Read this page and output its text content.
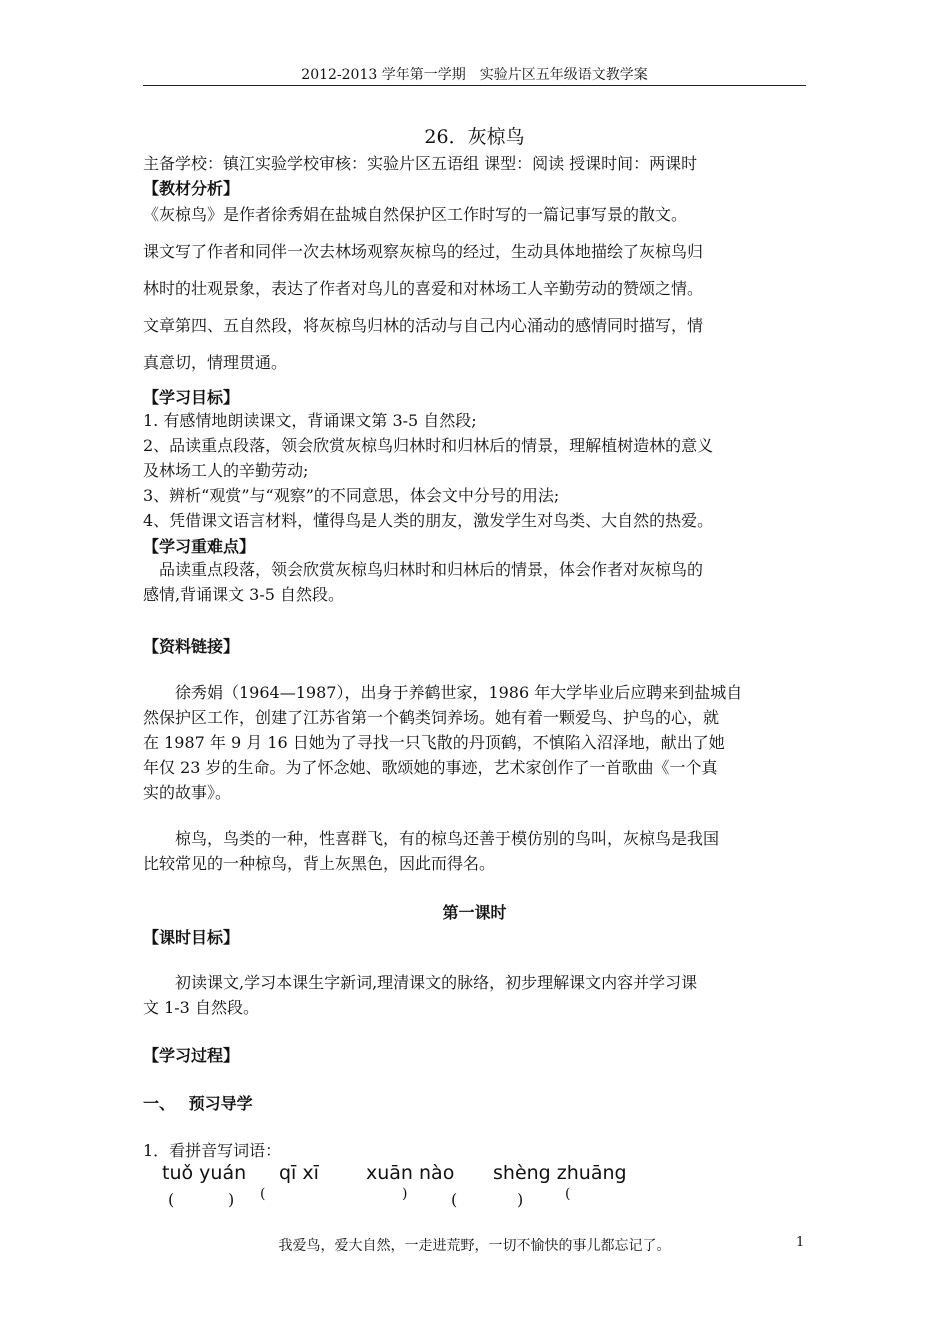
2012-2013 学年第一学期　实验片区五年级语文教学案
26．灰椋鸟
主备学校：镇江实验学校审核：实验片区五语组 课型：阅读 授课时间：两课时
【教材分析】
《灰椋鸟》是作者徐秀娟在盐城自然保护区工作时写的一篇记事写景的散文。
课文写了作者和同伴一次去林场观察灰椋鸟的经过，生动具体地描绘了灰椋鸟归
林时的壮观景象，表达了作者对鸟儿的喜爱和对林场工人辛勤劳动的赞颂之情。
文章第四、五自然段，将灰椋鸟归林的活动与自己内心涌动的感情同时描写，情
真意切，情理贯通。
【学习目标】
1. 有感情地朗读课文，背诵课文第 3-5 自然段;
2、品读重点段落，领会欣赏灰椋鸟归林时和归林后的情景，理解植树造林的意义
及林场工人的辛勤劳动;
3、辨析“观赏”与“观察”的不同意思，体会文中分号的用法;
4、凭借课文语言材料，懂得鸟是人类的朋友，激发学生对鸟类、大自然的热爱。
【学习重难点】
　品读重点段落，领会欣赏灰椋鸟归林时和归林后的情景，体会作者对灰椋鸟的
感情,背诵课文 3-5 自然段。
【资料链接】
　　徐秀娟（1964—1987），出身于养鹤世家，1986 年大学毕业后应聘来到盐城自
然保护区工作，创建了江苏省第一个鹤类饲养场。她有着一颗爱鸟、护鸟的心，就
在 1987 年 9 月 16 日她为了寻找一只飞散的丹顶鹤，不慎陷入沼泽地，献出了她
年仅 23 岁的生命。为了怀念她、歌颂她的事迹，艺术家创作了一首歌曲《一个真
实的故事》。
　　椋鸟，鸟类的一种，性喜群飞，有的椋鸟还善于模仿别的鸟叫，灰椋鸟是我国
比较常见的一种椋鸟，背上灰黑色，因此而得名。
第一课时
【课时目标】
　　初读课文,学习本课生字新词,理清课文的脉络，初步理解课文内容并学习课
文 1-3 自然段。
【学习过程】
一、　 预习导学
1．看拼音写词语：
tuǒ yuán qī xī xuān nào shèng zhuāng
(	) (	)	(	)	(
我爱鸟，爱大自然，一走进荒野，一切不愉快的事儿都忘记了。	1
